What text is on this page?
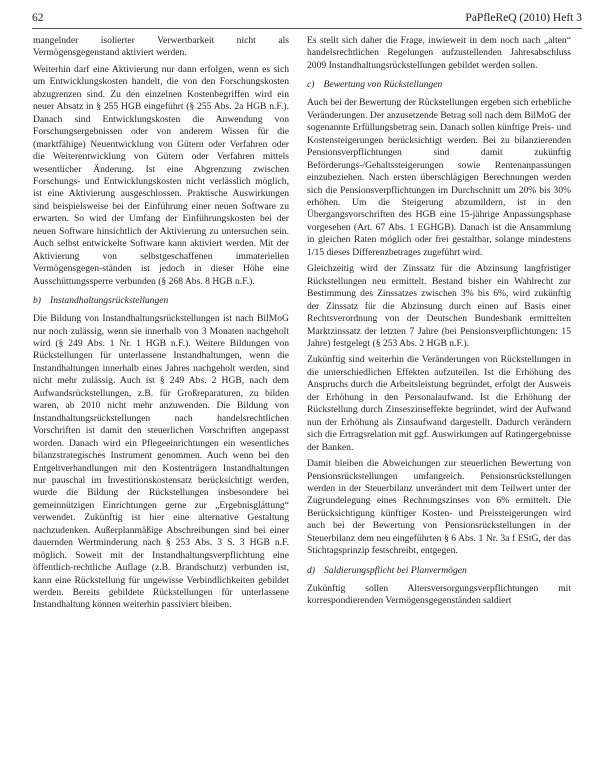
62	PaPfleReQ (2010) Heft 3

mangelnder isolierter Verwertbarkeit nicht als Vermögensgegenstand aktiviert werden.

Weiterhin darf eine Aktivierung nur dann erfolgen, wenn es sich um Entwicklungskosten handelt, die von den Forschungskosten abzugrenzen sind. Zu den einzelnen Kostenbegriffen wird ein neuer Absatz in § 255 HGB eingeführt (§ 255 Abs. 2a HGB n.F.). Danach sind Entwicklungskosten die Anwendung von Forschungsergebnissen oder von anderem Wissen für die (marktfähige) Neuentwicklung von Gütern oder Verfahren oder die Weiterentwicklung von Gütern oder Verfahren mittels wesentlicher Änderung. Ist eine Abgrenzung zwischen Forschungs- und Entwicklungskosten nicht verlässlich möglich, ist eine Aktivierung ausgeschlossen. Praktische Auswirkungen sind beispielsweise bei der Einführung einer neuen Software zu erwarten. So wird der Umfang der Einführungskosten bei der neuen Software hinsichtlich der Aktivierung zu untersuchen sein. Auch selbst entwickelte Software kann aktiviert werden. Mit der Aktivierung von selbstgeschaffenen immateriellen Vermögensgegen-ständen ist jedoch in dieser Höhe eine Ausschüttungssperre verbunden (§ 268 Abs. 8 HGB n.F.).

b) Instandhaltungsrückstellungen

Die Bildung von Instandhaltungsrückstellungen ist nach BilMoG nur noch zulässig, wenn sie innerhalb von 3 Monaten nachgeholt wird (§ 249 Abs. 1 Nr. 1 HGB n.F.). Weitere Bildungen von Rückstellungen für unterlassene Instandhaltungen, wenn die Instandhaltungen innerhalb eines Jahres nachgeholt werden, sind nicht mehr zulässig. Auch ist § 249 Abs. 2 HGB, nach dem Aufwandsrückstellungen, z.B. für Großreparaturen, zu bilden waren, ab 2010 nicht mehr anzuwenden. Die Bildung von Instandhaltungsrückstellungen nach handelsrechtlichen Vorschriften ist damit den steuerlichen Vorschriften angepasst worden. Danach wird ein Pflegeeinrichtungen ein wesentliches bilanzstrategisches Instrument genommen. Auch wenn bei den Entgeltverhandlungen mit den Kostenträgern Instandhaltungen nur pauschal im Investitionskostensatz berücksichtigt werden, wurde die Bildung der Rückstellungen insbesondere bei gemeinnützigen Einrichtungen gerne zur „Ergebnisglättung“ verwendet. Zukünftig ist hier eine alternative Gestaltung nachzudenken. Außerplanmäßige Abschreibungen sind bei einer dauernden Wertminderung nach § 253 Abs. 3 S. 3 HGB n.F. möglich. Soweit mit der Instandhaltungsverpflichtung eine öffentlich-rechtliche Auflage (z.B. Brandschutz) verbunden ist, kann eine Rückstellung für ungewisse Verbindlichkeiten gebildet werden. Bereits gebildete Rückstellungen für unterlassene Instandhaltung können weiterhin passiviert bleiben.

Es stellt sich daher die Frage, inwieweit in dem noch nach „alten“ handelsrechtlichen Regelungen aufzustellenden Jahresabschluss 2009 Instandhaltungsrückstellungen gebildet werden sollen.

c) Bewertung von Rückstellungen

Auch bei der Bewertung der Rückstellungen ergeben sich erhebliche Veränderungen. Der anzusetzende Betrag soll nach dem BilMoG der sogenannte Erfüllungsbetrag sein. Danach sollen künftige Preis- und Kostensteigerungen berücksichtigt werden. Bei zu bilanzierenden Pensionsverpflichtungen sind damit zukünftig Beförderungs-/Gehaltssteigerungen sowie Rentenanpassungen einzubeziehen. Nach ersten überschlägigen Berechnungen werden sich die Pensionsverpflichtungen im Durchschnitt um 20% bis 30% erhöhen. Um die Steigerung abzumildern, ist in den Übergangsvorschriften des HGB eine 15-jährige Anpassungsphase vorgesehen (Art. 67 Abs. 1 EGHGB). Danach ist die Ansammlung in gleichen Raten möglich oder frei gestaltbar, solange mindestens 1/15 dieses Differenzbetrages zugeführt wird.

Gleichzeitig wird der Zinssatz für die Abzinsung langfristiger Rückstellungen neu ermittelt. Bestand bisher ein Wahlrecht zur Bestimmung des Zinssatzes zwischen 3% bis 6%, wird zukünftig der Zinssatz für die Abzinsung durch einen auf Basis einer Rechtsverordnung von der Deutschen Bundesbank ermittelten Marktzinssatz der letzten 7 Jahre (bei Pensionsverpflichtungen: 15 Jahre) festgelegt (§ 253 Abs. 2 HGB n.F.).

Zukünftig sind weiterhin die Veränderungen von Rückstellungen in die unterschiedlichen Effekten aufzuteilen. Ist die Erhöhung des Anspruchs durch die Arbeitsleistung begründet, erfolgt der Ausweis der Erhöhung in den Personalaufwand. Ist die Erhöhung der Rückstellung durch Zinseszinseffekte begründet, wird der Aufwand nun der Erhöhung als Zinsaufwand dargestellt. Dadurch verändern sich die Ertragsrelation mit ggf. Auswirkungen auf Ratingergebnisse der Banken.

Damit bleiben die Abweichungen zur steuerlichen Bewertung von Pensionsrückstellungen umfangreich. Pensionsrückstellungen werden in der Steuerbilanz unverändert mit dem Teilwert unter der Zugrundelegung eines Rechnungszinses von 6% ermittelt. Die Berücksichtigung künftiger Kosten- und Preissteigerungen wird auch bei der Bewertung von Pensionsrückstellungen in der Steuerbilanz dem neu eingeführten § 6 Abs. 1 Nr. 3a f EStG, der das Stichtagsprinzip festschreibt, entgegen.

d) Saldierungspflicht bei Planvermögen

Zukünftig sollen Altersversorgungsverpflichtungen mit korrespondierenden Vermögensgegenständen saldiert
